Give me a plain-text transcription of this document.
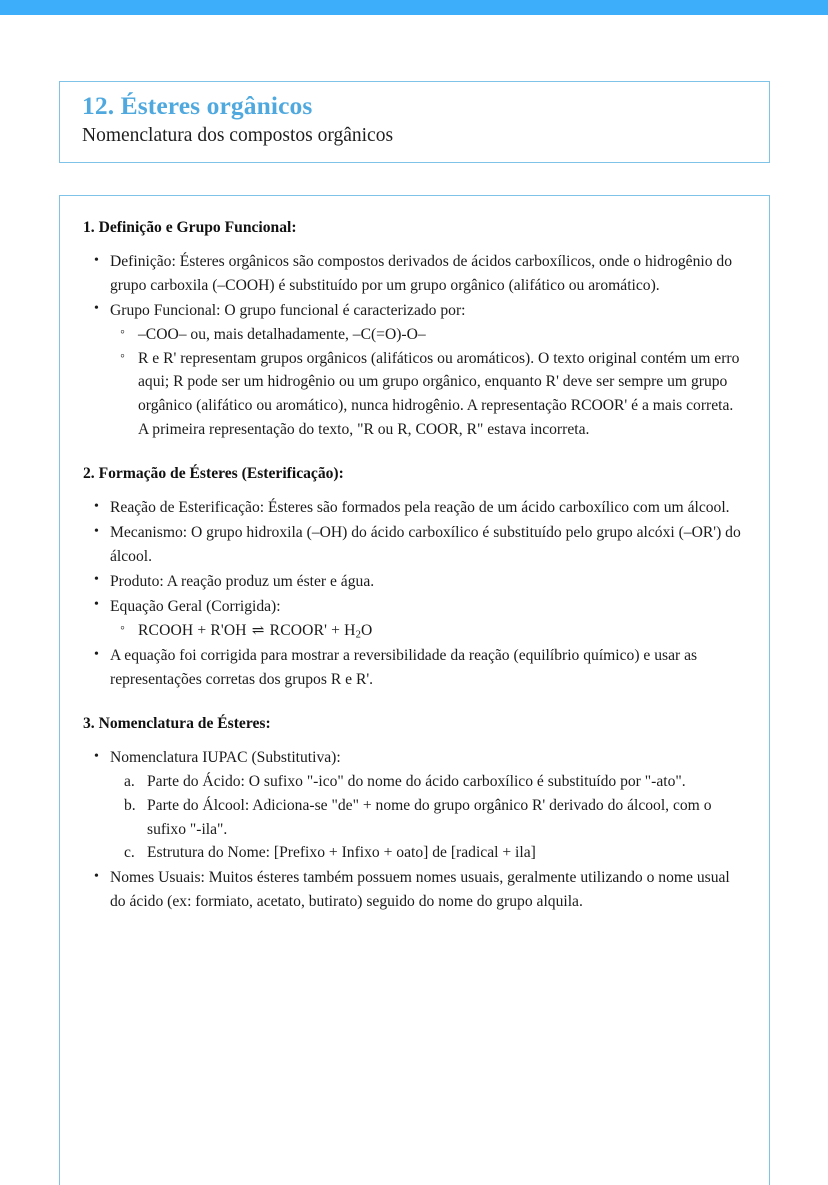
12. Ésteres orgânicos
Nomenclatura dos compostos orgânicos
1. Definição e Grupo Funcional:
• Definição: Ésteres orgânicos são compostos derivados de ácidos carboxílicos, onde o hidrogênio do grupo carboxila (–COOH) é substituído por um grupo orgânico (alifático ou aromático).
• Grupo Funcional: O grupo funcional é caracterizado por:
◦ –COO– ou, mais detalhadamente, –C(=O)-O–
◦ R e R' representam grupos orgânicos (alifáticos ou aromáticos). O texto original contém um erro aqui; R pode ser um hidrogênio ou um grupo orgânico, enquanto R' deve ser sempre um grupo orgânico (alifático ou aromático), nunca hidrogênio. A representação RCOOR' é a mais correta. A primeira representação do texto, "R ou R, COOR, R" estava incorreta.
2. Formação de Ésteres (Esterificação):
• Reação de Esterificação: Ésteres são formados pela reação de um ácido carboxílico com um álcool.
• Mecanismo: O grupo hidroxila (–OH) do ácido carboxílico é substituído pelo grupo alcóxi (–OR') do álcool.
• Produto: A reação produz um éster e água.
• Equação Geral (Corrigida):
◦ RCOOH + R'OH ⇌ RCOOR' + $H_2O$
• A equação foi corrigida para mostrar a reversibilidade da reação (equilíbrio químico) e usar as representações corretas dos grupos R e R'.
3. Nomenclatura de Ésteres:
• Nomenclatura IUPAC (Substitutiva):
Parte do Ácido: O sufixo "-ico" do nome do ácido carboxílico é substituído por "-ato".
Parte do Álcool: Adiciona-se "de" + nome do grupo orgânico R' derivado do álcool, com o sufixo "-ila".
Estrutura do Nome: [Prefixo + Infixo + oato] de [radical + ila]
• Nomes Usuais: Muitos ésteres também possuem nomes usuais, geralmente utilizando o nome usual do ácido (ex: formiato, acetato, butirato) seguido do nome do grupo alquila.
